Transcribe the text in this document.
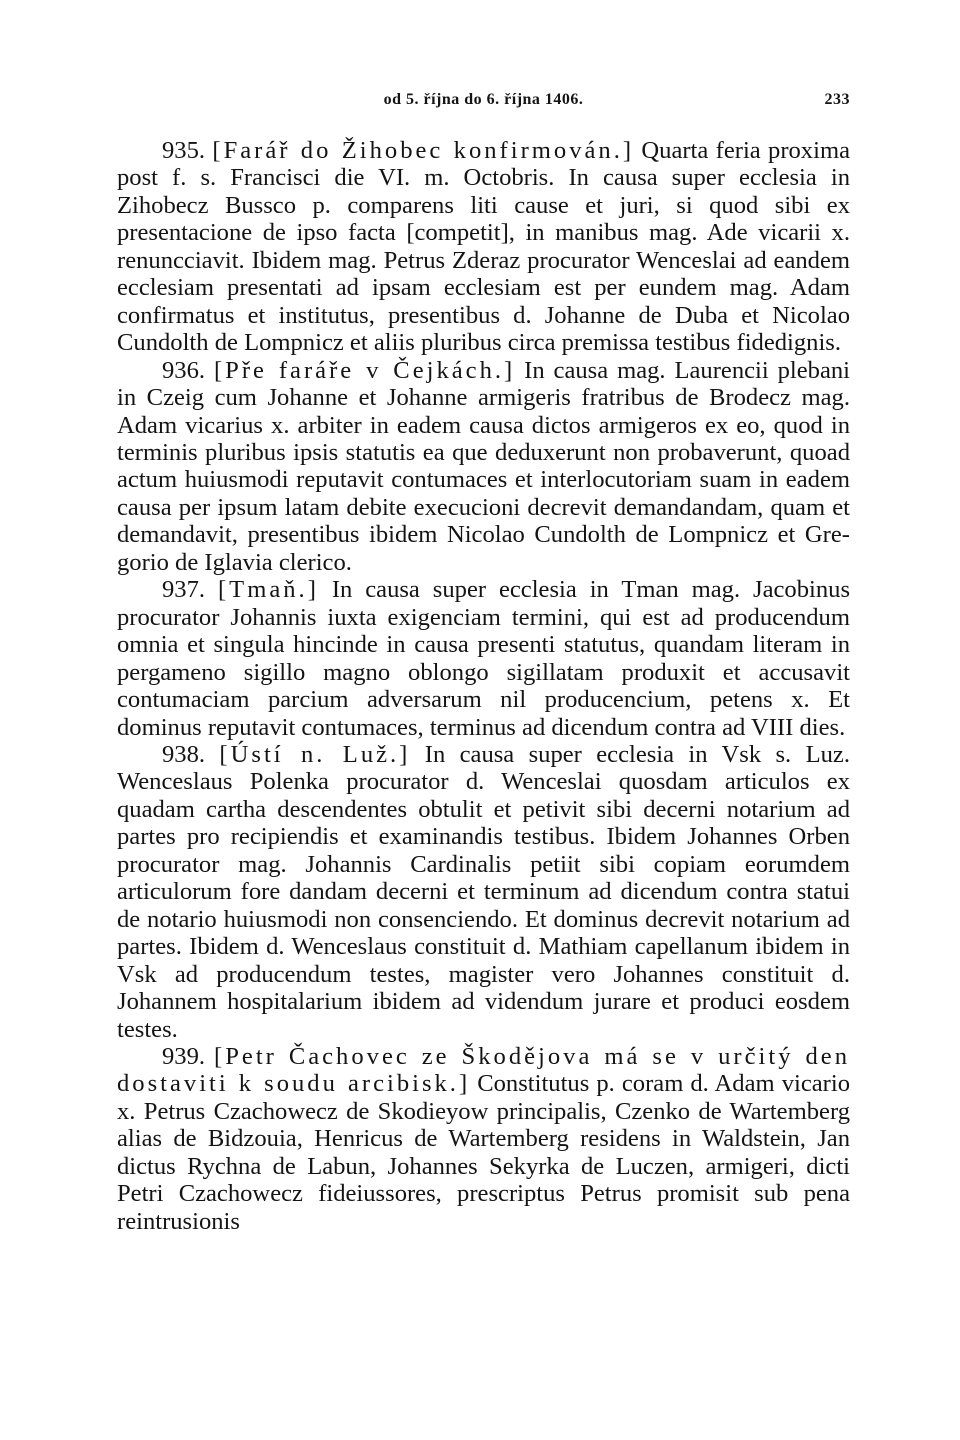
od 5. října do 6. října 1406.	233

935. [Farář do Žihobec konfirmován.] Quarta feria proxima post f. s. Francisci die VI. m. Octobris. In causa super ecclesia in Zihobecz Bussco p. comparens liti cause et juri, si quod sibi ex presentacione de ipso facta [competit], in manibus mag. Ade vicarii x. renuncciavit. Ibidem mag. Petrus Zderaz procurator Wenceslai ad eandem ecclesiam presentati ad ipsam ecclesiam est per eundem mag. Adam confirmatus et institutus, presentibus d. Johanne de Duba et Nicolao Cundolth de Lompnicz et aliis pluribus circa premissa testibus fidedignis.

936. [Pře faráře v Čejkách.] In causa mag. Laurencii plebani in Czeig cum Johanne et Johanne armigeris fratribus de Brodecz mag. Adam vicarius x. arbiter in eadem causa dictos armigeros ex eo, quod in terminis pluribus ipsis statutis ea que deduxerunt non probaverunt, quoad actum huiusmodi reputavit contumaces et interlocutoriam suam in eadem causa per ipsum latam debite execucioni decrevit demandandam, quam et demandavit, presentibus ibidem Nicolao Cundolth de Lompnicz et Gregorio de Iglavia clerico.

937. [Tmaň.] In causa super ecclesia in Tman mag. Jacobinus procurator Johannis iuxta exigenciam termini, qui est ad producendum omnia et singula hincinde in causa presenti statutus, quandam literam in pergameno sigillo magno oblongo sigillatam produxit et accusavit contumaciam parcium adversarum nil producencium, petens x. Et dominus reputavit contumaces, terminus ad dicendum contra ad VIII dies.

938. [Ústí n. Luž.] In causa super ecclesia in Vsk s. Luz. Wenceslaus Polenka procurator d. Wenceslai quosdam articulos ex quadam cartha descendentes obtulit et petivit sibi decerni notarium ad partes pro recipiendis et examinandis testibus. Ibidem Johannes Orben procurator mag. Johannis Cardinalis petiit sibi copiam eorumdem articulorum fore dandam decerni et terminum ad dicendum contra statui de notario huiusmodi non consenciendo. Et dominus decrevit notarium ad partes. Ibidem d. Wenceslaus constituit d. Mathiam capellanum ibidem in Vsk ad producendum testes, magister vero Johannes constituit d. Johannem hospitalarium ibidem ad videndum jurare et produci eosdem testes.

939. [Petr Čachovec ze Škodějova má se v určitý den dostaviti k soudu arcibisk.] Constitutus p. coram d. Adam vicario x. Petrus Czachowecz de Skodieyow principalis, Czenko de Wartemberg alias de Bidzouia, Henricus de Wartemberg residens in Waldstein, Jan dictus Rychna de Labun, Johannes Sekyrka de Luczen, armigeri, dicti Petri Czachowecz fideiussores, prescriptus Petrus promisit sub pena reintrusionis
